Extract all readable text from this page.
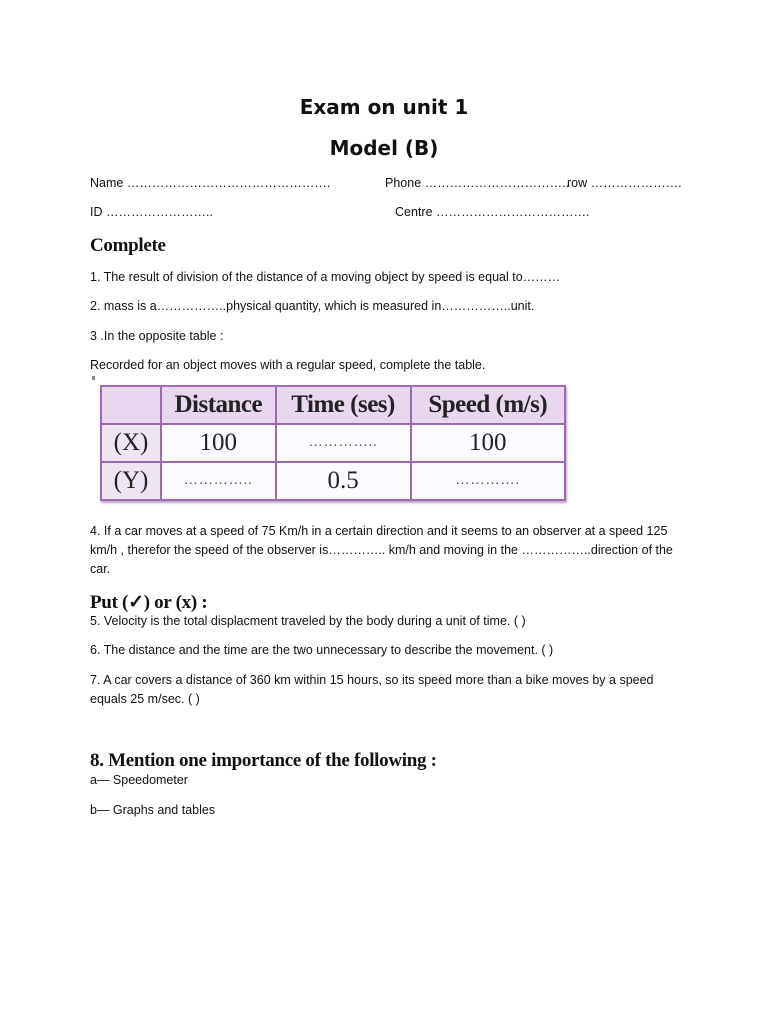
Exam on unit 1
Model (B)
Name ………………………………………….	Phone ……………………………..
row ………………….
ID ……………………..	Centre ……………………………….
Complete
1. The result of division of the distance of a moving object by speed is equal to………
2. mass is a……………..physical quantity, which is measured in……………..unit.
3 .In the opposite table :
Recorded for an object moves with a regular speed, complete the table.
	Distance	Time (ses)	Speed (m/s)
(X)	100	…………..	100
(Y)	…………..	0.5	………….
4. If a car moves at a speed of 75 Km/h in a certain direction and it seems to an observer at a speed 125
km/h , therefor the speed of the observer is………….. km/h and moving in the ……………..direction of the
car.
Put (✓) or (x) :
5. Velocity is the total displacment traveled by the body during a unit of time. ( )
6. The distance and the time are the two unnecessary to describe the movement. ( )
7. A car covers a distance of 360 km within 15 hours, so its speed more than a bike moves by a speed
equals 25 m/sec. ( )
8. Mention one importance of the following :
a— Speedometer
b— Graphs and tables
